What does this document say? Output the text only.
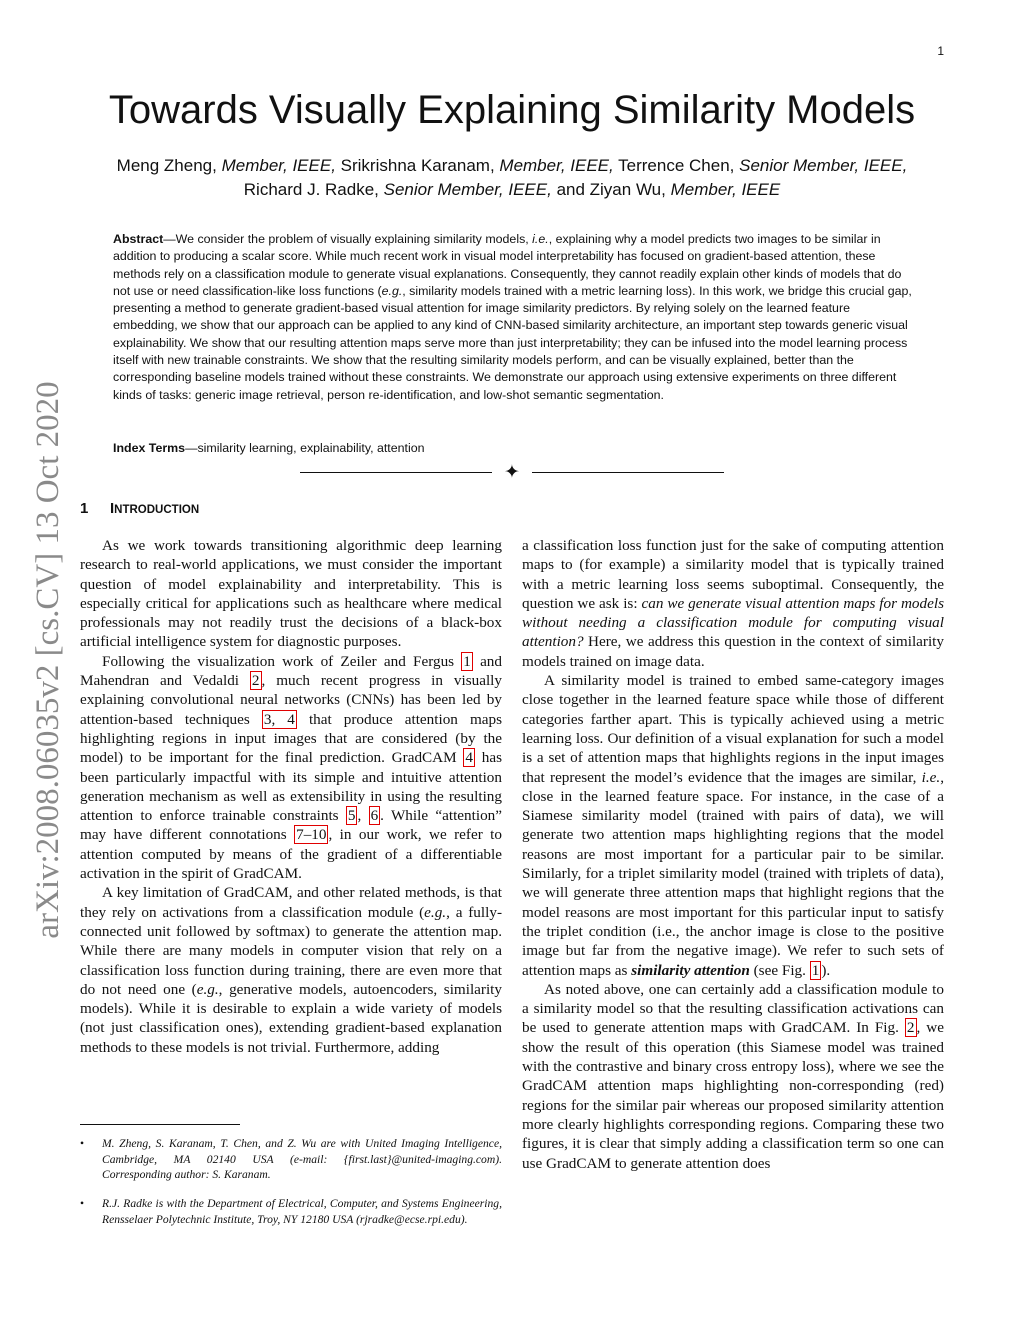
1
arXiv:2008.06035v2 [cs.CV] 13 Oct 2020
Towards Visually Explaining Similarity Models
Meng Zheng, Member, IEEE, Srikrishna Karanam, Member, IEEE, Terrence Chen, Senior Member, IEEE,
Richard J. Radke, Senior Member, IEEE, and Ziyan Wu, Member, IEEE
Abstract—We consider the problem of visually explaining similarity models, i.e., explaining why a model predicts two images to be similar in addition to producing a scalar score. While much recent work in visual model interpretability has focused on gradient-based attention, these methods rely on a classification module to generate visual explanations. Consequently, they cannot readily explain other kinds of models that do not use or need classification-like loss functions (e.g., similarity models trained with a metric learning loss). In this work, we bridge this crucial gap, presenting a method to generate gradient-based visual attention for image similarity predictors. By relying solely on the learned feature embedding, we show that our approach can be applied to any kind of CNN-based similarity architecture, an important step towards generic visual explainability. We show that our resulting attention maps serve more than just interpretability; they can be infused into the model learning process itself with new trainable constraints. We show that the resulting similarity models perform, and can be visually explained, better than the corresponding baseline models trained without these constraints. We demonstrate our approach using extensive experiments on three different kinds of tasks: generic image retrieval, person re-identification, and low-shot semantic segmentation.
Index Terms—similarity learning, explainability, attention
✦
1 INTRODUCTION

As we work towards transitioning algorithmic deep learning research to real-world applications, we must consider the important question of model explainability and interpretability. This is especially critical for applications such as healthcare where medical professionals may not readily trust the decisions of a black-box artificial intelligence system for diagnostic purposes.

Following the visualization work of Zeiler and Fergus 1 and Mahendran and Vedaldi 2 , much recent progress in visually explaining convolutional neural networks (CNNs) has been led by attention-based techniques 3, 4 that produce attention maps highlighting regions in input images that are considered (by the model) to be important for the final prediction. GradCAM 4 has been particularly impactful with its simple and intuitive attention generation mechanism as well as extensibility in using the resulting attention to enforce trainable constraints 5 , 6 . While “attention” may have different connotations 7–10 , in our work, we refer to attention computed by means of the gradient of a differentiable activation in the spirit of GradCAM.

A key limitation of GradCAM, and other related methods, is that they rely on activations from a classification module (e.g., a fully-connected unit followed by softmax) to generate the attention map. While there are many models in computer vision that rely on a classification loss function during training, there are even more that do not need one (e.g., generative models, autoencoders, similarity models). While it is desirable to explain a wide variety of models (not just classification ones), extending gradient-based explanation methods to these models is not trivial. Furthermore, adding

a classification loss function just for the sake of computing attention maps to (for example) a similarity model that is typically trained with a metric learning loss seems suboptimal. Consequently, the question we ask is: can we generate visual attention maps for models without needing a classification module for computing visual attention? Here, we address this question in the context of similarity models trained on image data.

A similarity model is trained to embed same-category images close together in the learned feature space while those of different categories farther apart. This is typically achieved using a metric learning loss. Our definition of a visual explanation for such a model is a set of attention maps that highlights regions in the input images that represent the model’s evidence that the images are similar, i.e., close in the learned feature space. For instance, in the case of a Siamese similarity model (trained with pairs of data), we will generate two attention maps highlighting regions that the model reasons are most important for a particular pair to be similar. Similarly, for a triplet similarity model (trained with triplets of data), we will generate three attention maps that highlight regions that the model reasons are most important for this particular input to satisfy the triplet condition (i.e., the anchor image is close to the positive image but far from the negative image). We refer to such sets of attention maps as similarity attention (see Fig. 1 ).

As noted above, one can certainly add a classification module to a similarity model so that the resulting classification activations can be used to generate attention maps with GradCAM. In Fig. 2 , we show the result of this operation (this Siamese model was trained with the contrastive and binary cross entropy loss), where we see the GradCAM attention maps highlighting non-corresponding (red) regions for the similar pair whereas our proposed similarity attention more clearly highlights corresponding regions. Comparing these two figures, it is clear that simply adding a classification term so one can use GradCAM to generate attention does

• M. Zheng, S. Karanam, T. Chen, and Z. Wu are with United Imaging Intelligence, Cambridge, MA 02140 USA (e-mail: {first.last}@united-imaging.com). Corresponding author: S. Karanam.
• R.J. Radke is with the Department of Electrical, Computer, and Systems Engineering, Rensselaer Polytechnic Institute, Troy, NY 12180 USA (rjradke@ecse.rpi.edu).
